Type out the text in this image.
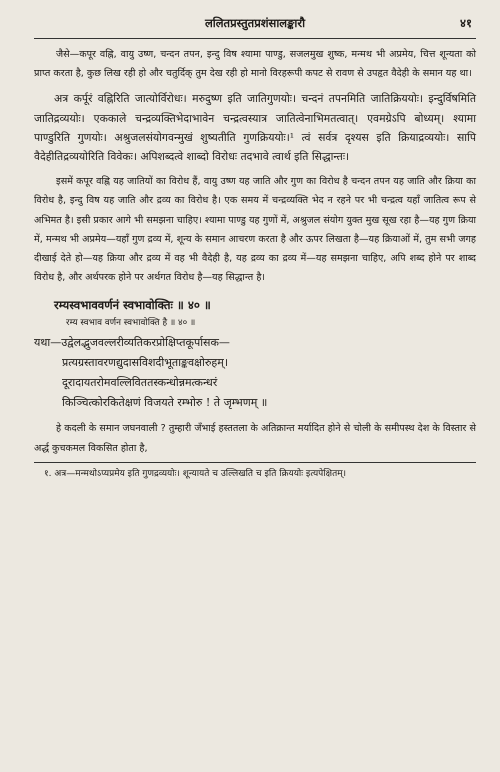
ललितप्रस्तुतप्रशंसालङ्कारौ	४१

जैसे—कपूर वह्नि, वायु उष्ण, चन्दन तपन, इन्दु विष श्यामा पाण्डु, सजलमुख शुष्क, मन्मथ भी अप्रमेय, चित्त शून्यता को प्राप्त करता है, कुछ लिख रही हो और चतुर्दिक् तुम देख रही हो मानो विरहरूपी कपट से रावण से उपहृत वैदेही के समान यह था।

अत्र कर्पूरं वह्निरिति जात्योर्विरोधः। मरुदुष्ण इति जातिगुणयोः। चन्दनं तपनमिति जातिक्रिययोः। इन्दुर्विषमिति जातिद्रव्ययोः। एककाले चन्द्रव्यक्तिभेदाभावेन चन्द्रत्वस्यात्र जातित्वेनाभिमतत्वात्। एवमग्रेऽपि बोध्यम्। श्यामा पाण्डुरिति गुणयोः। अश्रुजलसंयोगवन्मुखं शुष्यतीति गुणक्रिययोः।¹ त्वं सर्वत्र दृश्यस इति क्रियाद्रव्ययोः। सापि वैदेहीतिद्रव्ययोरिति विवेकः। अपिशब्दत्वे शाब्दो विरोधः तदभावे त्वार्थ इति सिद्धान्तः।

इसमें कपूर वह्नि यह जातियों का विरोध हैं, वायु उष्ण यह जाति और गुण का विरोध है चन्दन तपन यह जाति और क्रिया का विरोध है, इन्दु विष यह जाति और द्रव्य का विरोध है। एक समय में चन्द्रव्यक्ति भेद न रहने पर भी चन्द्रत्व यहाँ जातित्व रूप से अभिमत है। इसी प्रकार आगे भी समझना चाहिए। श्यामा पाण्डु यह गुणों में, अश्रुजल संयोग युक्त मुख सूख रहा है—यह गुण क्रिया में, मन्मथ भी अप्रमेय—यहाँ गुण द्रव्य में, शून्य के समान आचरण करता है और ऊपर लिखता है—यह क्रियाओं में, तुम सभी जगह दीखाई देते हो—यह क्रिया और द्रव्य में वह भी वैदेही है, यह द्रव्य का द्रव्य में—यह समझना चाहिए, अपि शब्द होने पर शाब्द विरोध है, और अर्थपरक होने पर अर्थगत विरोध है—यह सिद्धान्त है।

रम्यस्वभाववर्णनं स्वभावोक्तिः ॥ ४० ॥

रम्य स्वभाव वर्णन स्वभावोक्ति है ॥ ४० ॥

यथा—उद्वेलद्भुजवल्लरीव्यतिकरप्रोक्षिप्तकूर्पासक—
प्रत्यग्रस्तावरणद्युदासविशदीभूताङ्कवक्षोरुहम्।
दूरादायतरोमवल्लिविततस्कन्धोन्नमत्कन्धरं
किञ्चित्कोरकितेक्षणं विजयते रम्भोरु ! ते जृम्भणम् ॥

हे कदली के समान जघनवाली ? तुम्हारी जँभाई हस्ततला के अतिक्रान्त मर्यादित होने से चोली के समीपस्थ देश के विस्तार से अर्द्ध कुचकमल विकसित होता है,

१. अत्र—मन्मथोऽप्यप्रमेय इति गुणद्रव्ययोः। शून्यायते च उल्लिखति च इति क्रिययोः इत्यपेक्षितम्।
